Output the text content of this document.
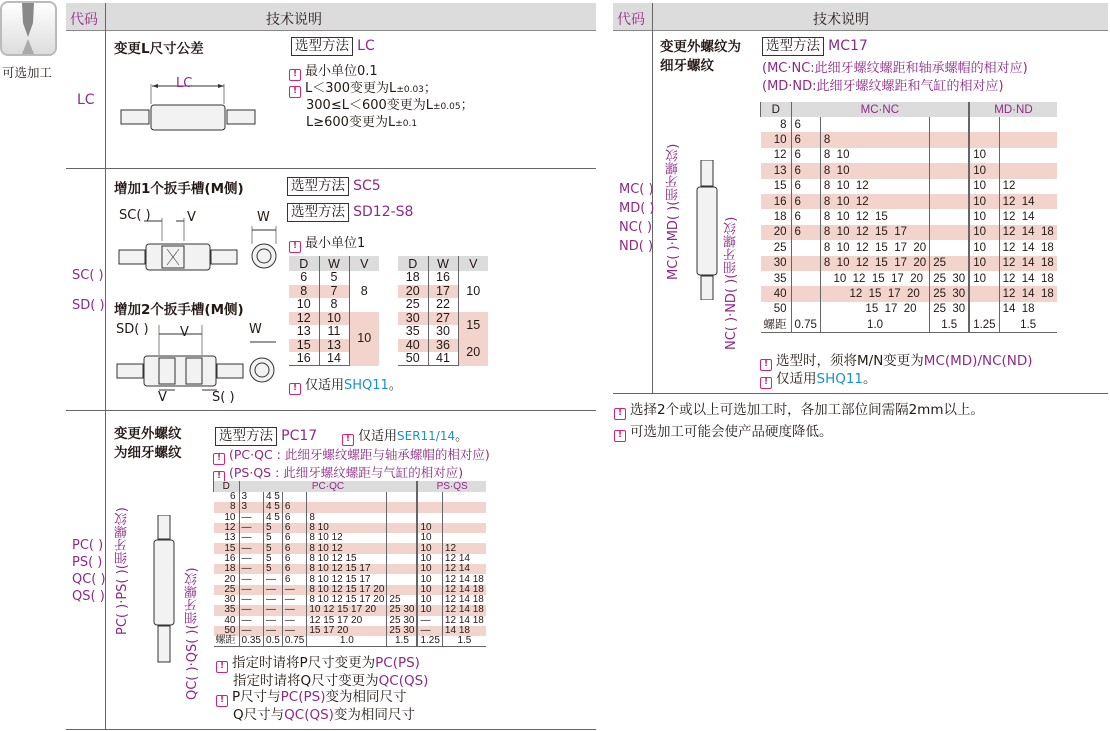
可选加工
代码	技术说明
LC
变更L尺寸公差	选型方法 LC
LC
! 最小单位0.1
! L＜300变更为L±0.03；
300≤L＜600变更为L±0.05；
L≥600变更为L±0.1
SC( )
SD( )
增加1个扳手槽(M侧)
增加2个扳手槽(M侧)
选型方法 SC5
选型方法 SD12-S8
SC( )	V	W
SD( ) V	W
V	S( )
! 最小单位1
D	W	V
6	5	8
8	7	
10	8	
12	10	10
13	11	
15	13	
16	14	
D	W	V
18	16	10
20	17	
25	22	
30	27	15
35	30	
40	36	20
50	41	
! 仅适用SHQ11。
PC( )
PS( )
QC( )
QS( )
变更外螺纹
为细牙螺纹
选型方法 PC17	! 仅适用SER11/14。
! (PC·QC : 此细牙螺纹螺距与轴承螺帽的相对应)
! (PS·QS : 此细牙螺纹螺距与气缸的相对应)
PC( )·PS( )(细牙螺纹)	QC( )·QS( )(细牙螺纹)
D	PC·QC					PS·QS	
6	3	4 5					
8	3	4 5	6				
10	—	4 5	6	8			
12	—	5	6	8 10		10	
13	—	5	6	8 10 12		10	
15	—	5	6	8 10 12		10	12
16	—	5	6	8 10 12 15		10	12 14
18	—	5	6	8 10 12 15 17		10	12 14
20	—	—	6	8 10 12 15 17		10	12 14 18
25	—	—	—	8 10 12 15 17 20		10	12 14 18
30	—	—	—	8 10 12 15 17 20	25	10	12 14 18
35	—	—	—	10 12 15 17 20	25 30	10	12 14 18
40	—	—	—	12 15 17 20	25 30	—	12 14 18
50	—	—	—	15 17 20	25 30	—	14 18
螺距	0.35	0.5	0.75	1.0	1.5	1.25	1.5
! 指定时请将P尺寸变更为PC(PS)
指定时请将Q尺寸变更为QC(QS)
! P尺寸与PC(PS)变为相同尺寸
Q尺寸与QC(QS)变为相同尺寸
代码	技术说明
MC( )
MD( )
NC( )
ND( )
变更外螺纹为
细牙螺纹
选型方法 MC17
(MC·NC:此细牙螺纹螺距和轴承螺帽的相对应)
(MD·ND:此细牙螺纹螺距和气缸的相对应)
MC( )·MD( )(细牙螺纹)
NC( )·ND( )(细牙螺纹)
D	MC·NC			MD·ND	
8	6				
10	6	8			
12	6	8  10		10	
13	6	8  10		10	
15	6	8  10  12		10	12
16	6	8  10  12		10	12  14
18	6	8  10  12  15		10	12  14
20	6	8  10  12  15  17		10	12  14  18
25		8  10  12  15  17  20		10	12  14  18
30		8  10  12  15  17  20	25	10	12  14  18
35		10  12  15  17  20	25  30	10	12  14  18
40		12  15  17  20	25  30		12  14  18
50		15  17  20	25  30		14  18
螺距	0.75	1.0	1.5	1.25	1.5
! 选型时，须将M/N变更为MC(MD)/NC(ND)
! 仅适用SHQ11。
! 选择2个或以上可选加工时，各加工部位间需隔2mm以上。
! 可选加工可能会使产品硬度降低。
